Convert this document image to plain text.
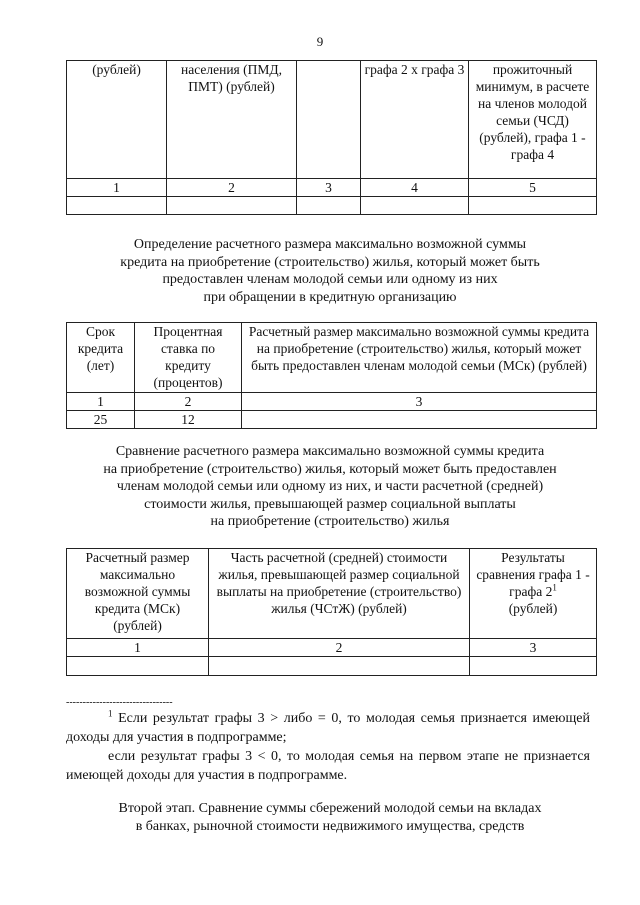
9
(рублей)	населения (ПМД, ПМТ) (рублей)		графа 2 х графа 3	прожиточный минимум, в расчете на членов молодой семьи (ЧСД) (рублей), графа 1 - графа 4
1	2	3	4	5

Определение расчетного размера максимально возможной суммы
кредита на приобретение (строительство) жилья, который может быть
предоставлен членам молодой семьи или одному из них
при обращении в кредитную организацию
Срок кредита (лет)	Процентная ставка по кредиту (процентов)	Расчетный размер максимально возможной суммы кредита на приобретение (строительство) жилья, который может быть предоставлен членам молодой семьи (МСк) (рублей)
1	2	3
25	12	
Сравнение расчетного размера максимально возможной суммы кредита
на приобретение (строительство) жилья, который может быть предоставлен
членам молодой семьи или одному из них, и части расчетной (средней)
стоимости жилья, превышающей размер социальной выплаты
на приобретение (строительство) жилья
Расчетный размер максимально возможной суммы кредита (МСк) (рублей)	Часть расчетной (средней) стоимости жилья, превышающей размер социальной выплаты на приобретение (строительство) жилья (ЧСтЖ) (рублей)	Результаты сравнения графа 1 - графа $2^1$
(рублей)

1	2	3

--------------------------------
$^1$ Если результат графы 3 > либо = 0, то молодая семья признается имеющей доходы для участия в подпрограмме;
если результат графы 3 < 0, то молодая семья на первом этапе не признается имеющей доходы для участия в подпрограмме.
Второй этап. Сравнение суммы сбережений молодой семьи на вкладах
в банках, рыночной стоимости недвижимого имущества, средств
